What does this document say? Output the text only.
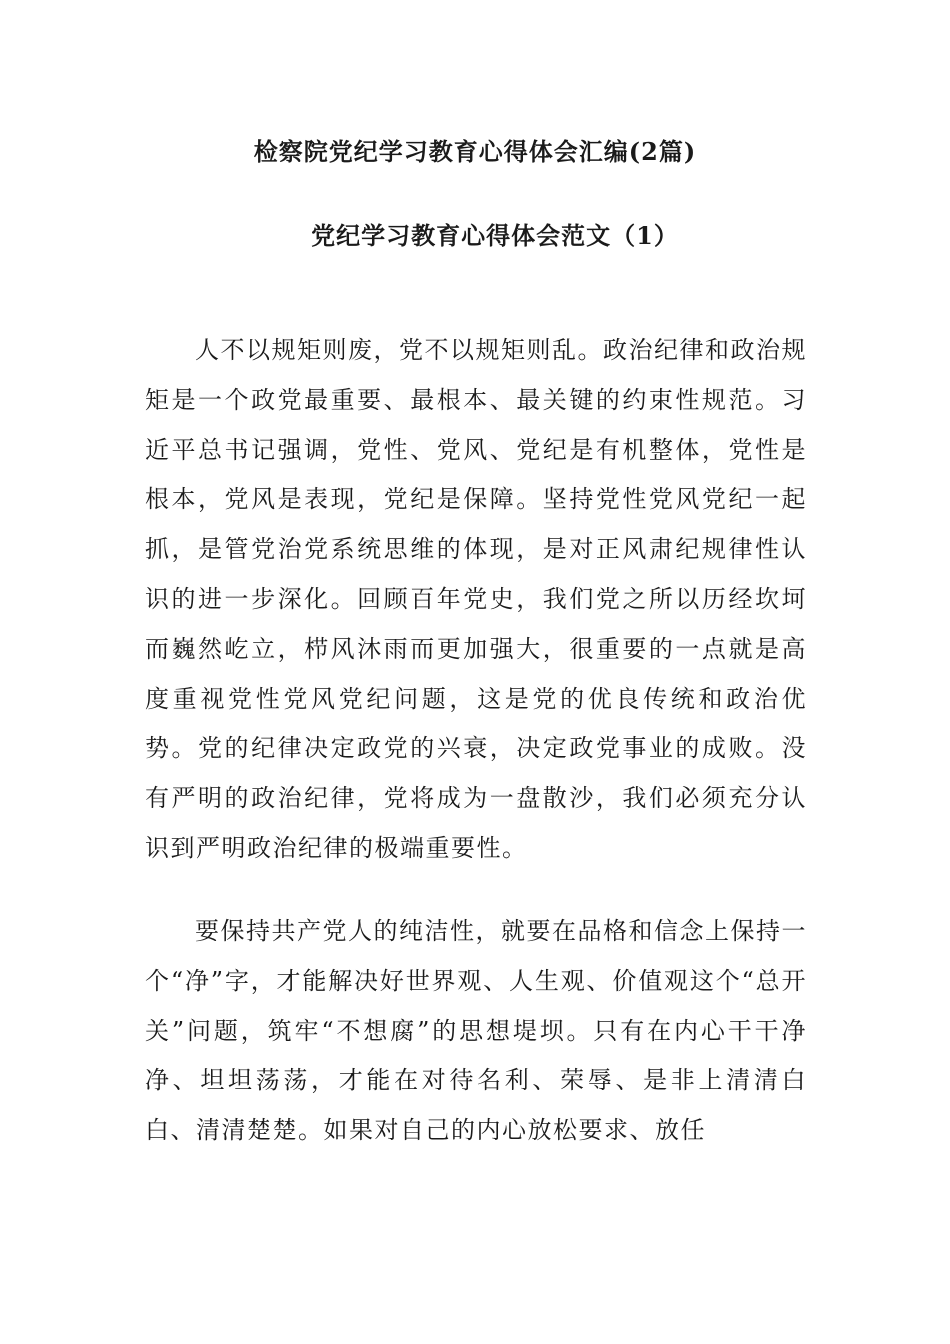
检察院党纪学习教育心得体会汇编(2篇)
党纪学习教育心得体会范文（1）

人不以规矩则废，党不以规矩则乱。政治纪律和政治规矩是一个政党最重要、最根本、最关键的约束性规范。习近平总书记强调，党性、党风、党纪是有机整体，党性是根本，党风是表现，党纪是保障。坚持党性党风党纪一起抓，是管党治党系统思维的体现，是对正风肃纪规律性认识的进一步深化。回顾百年党史，我们党之所以历经坎坷而巍然屹立，栉风沐雨而更加强大，很重要的一点就是高度重视党性党风党纪问题，这是党的优良传统和政治优势。党的纪律决定政党的兴衰，决定政党事业的成败。没有严明的政治纪律，党将成为一盘散沙，我们必须充分认识到严明政治纪律的极端重要性。

要保持共产党人的纯洁性，就要在品格和信念上保持一个“净”字，才能解决好世界观、人生观、价值观这个“总开关”问题，筑牢“不想腐”的思想堤坝。只有在内心干干净净、坦坦荡荡，才能在对待名利、荣辱、是非上清清白白、清清楚楚。如果对自己的内心放松要求、放任
